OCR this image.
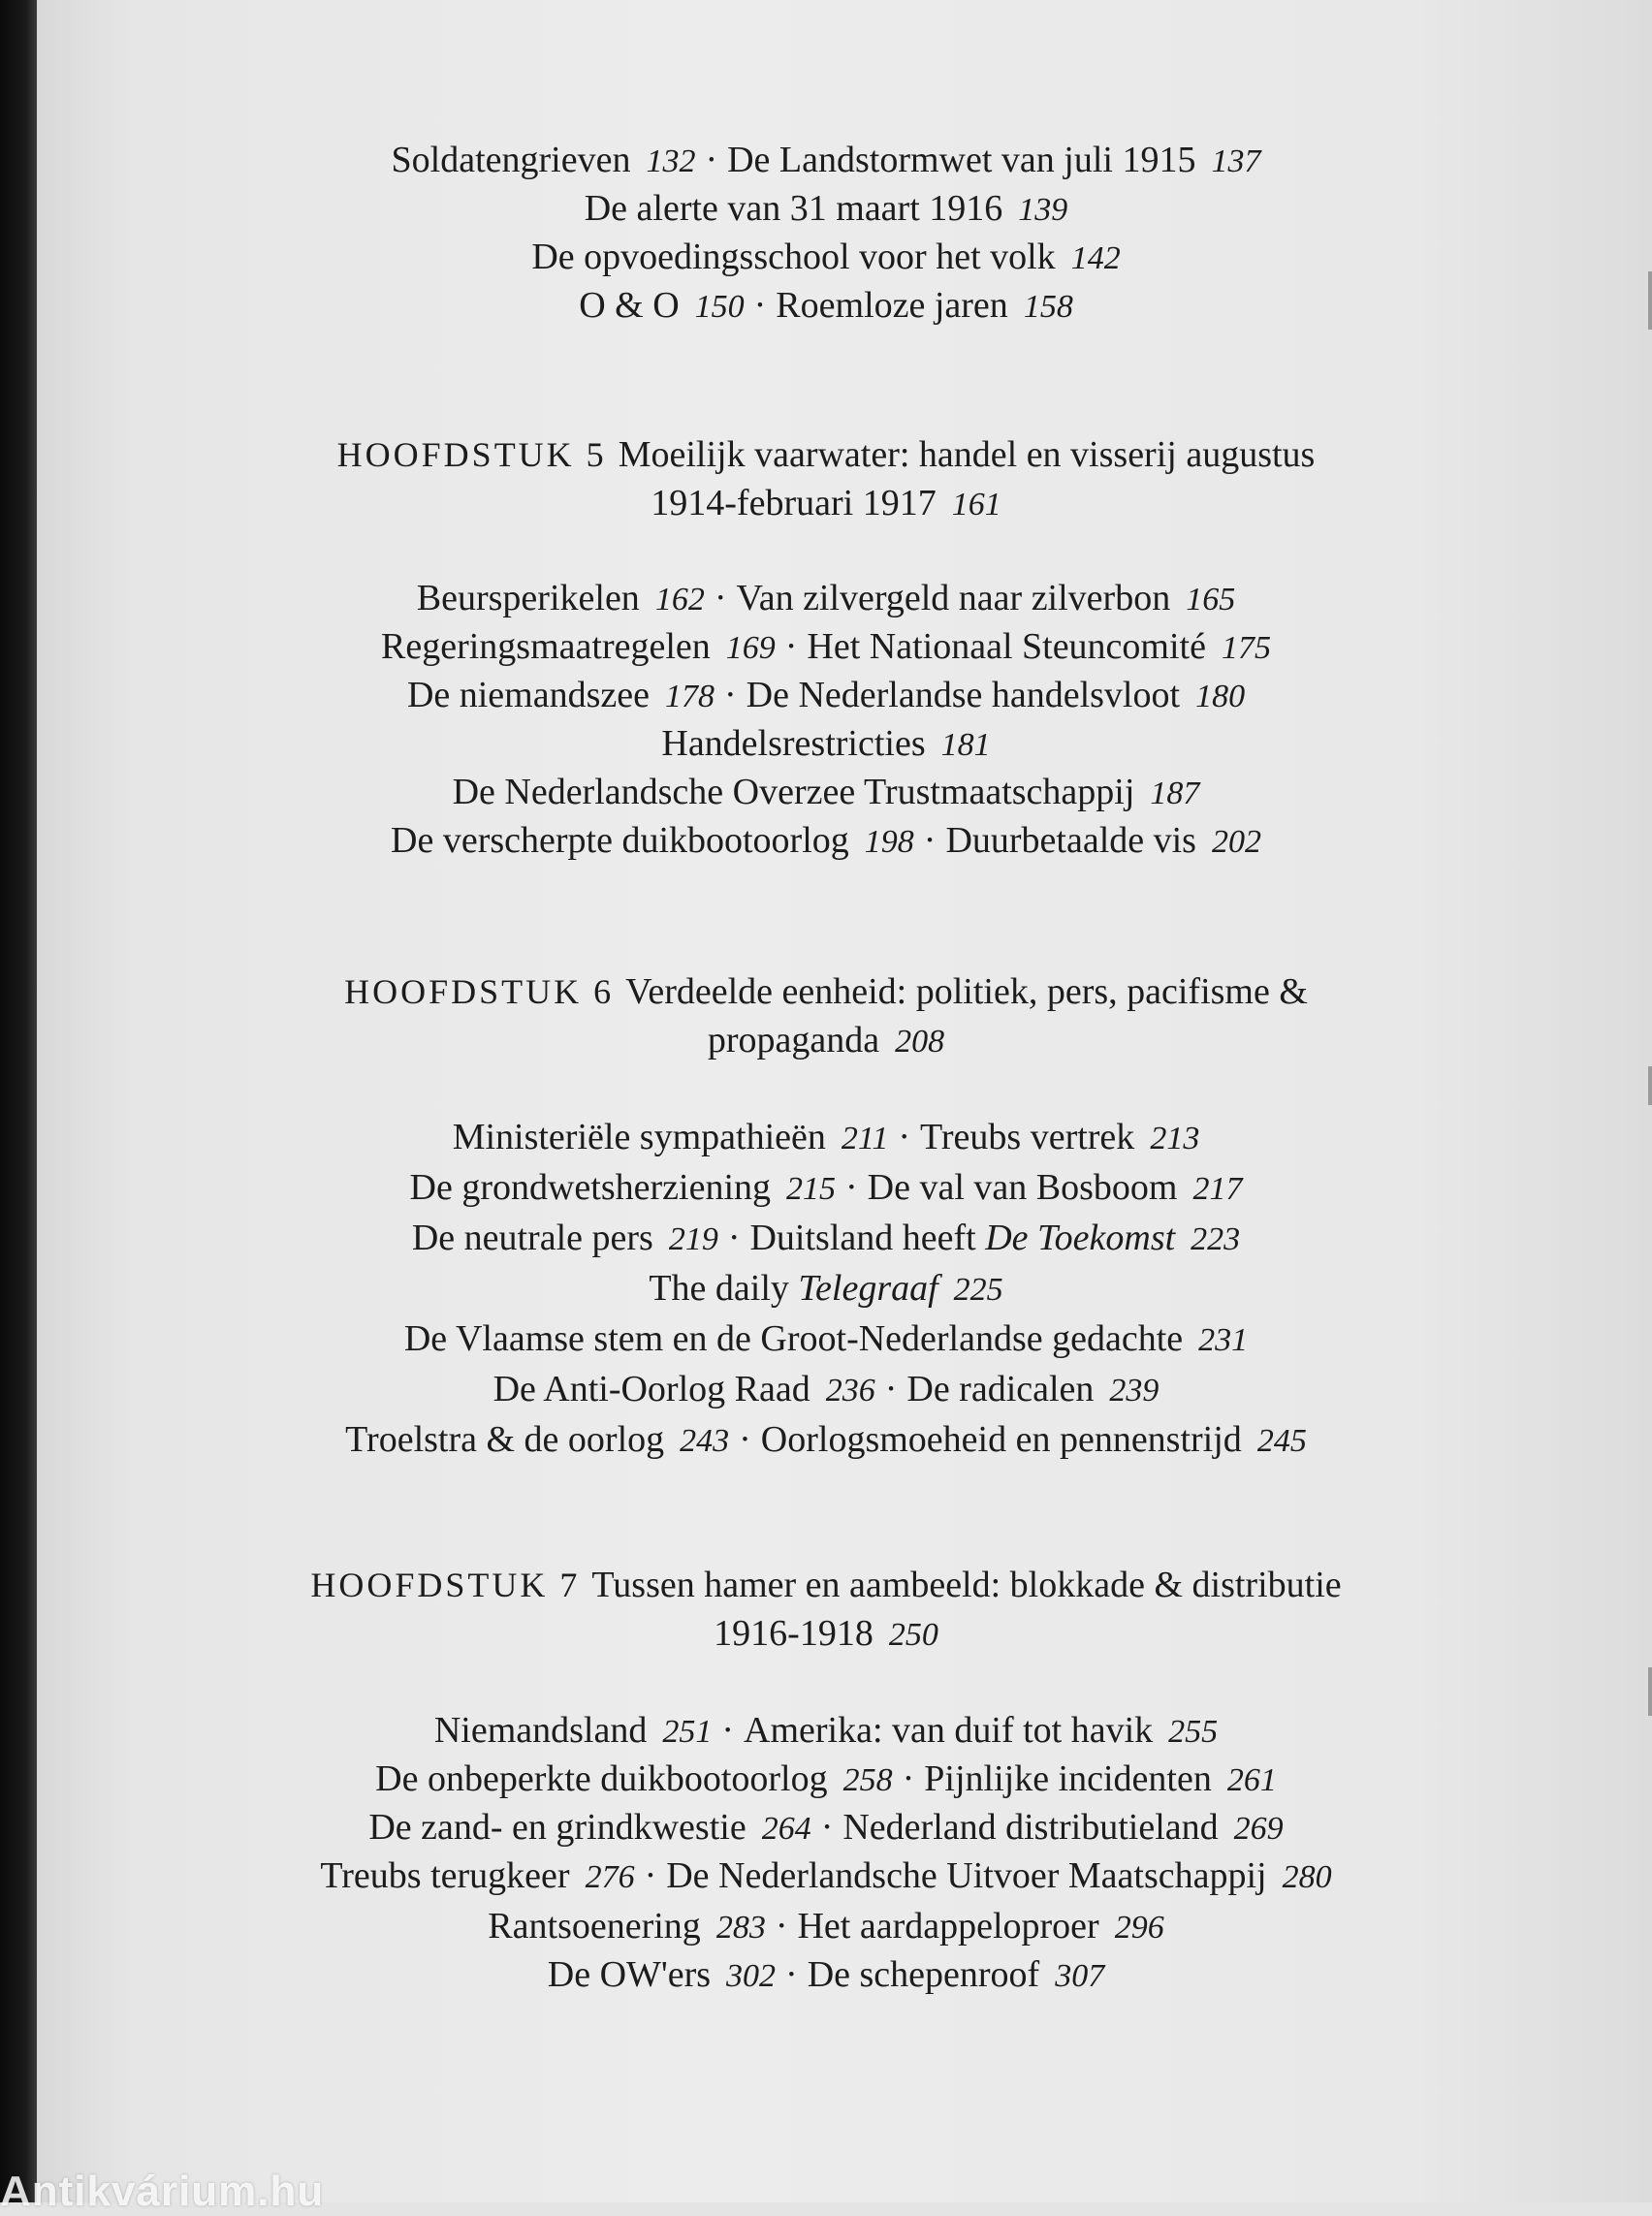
Soldatengrieven 132 · De Landstormwet van juli 1915 137
De alerte van 31 maart 1916 139
De opvoedingsschool voor het volk 142
O & O 150 · Roemloze jaren 158
HOOFDSTUK 5 Moeilijk vaarwater: handel en visserij augustus
1914-februari 1917 161
Beursperikelen 162 · Van zilvergeld naar zilverbon 165
Regeringsmaatregelen 169 · Het Nationaal Steuncomité 175
De niemandszee 178 · De Nederlandse handelsvloot 180
Handelsrestricties 181
De Nederlandsche Overzee Trustmaatschappij 187
De verscherpte duikbootoorlog 198 · Duurbetaalde vis 202
HOOFDSTUK 6 Verdeelde eenheid: politiek, pers, pacifisme &
propaganda 208
Ministeriële sympathieën 211 · Treubs vertrek 213
De grondwetsherziening 215 · De val van Bosboom 217
De neutrale pers 219 · Duitsland heeft De Toekomst 223
The daily Telegraaf 225
De Vlaamse stem en de Groot-Nederlandse gedachte 231
De Anti-Oorlog Raad 236 · De radicalen 239
Troelstra & de oorlog 243 · Oorlogsmoeheid en pennenstrijd 245
HOOFDSTUK 7 Tussen hamer en aambeeld: blokkade & distributie
1916-1918 250
Niemandsland 251 · Amerika: van duif tot havik 255
De onbeperkte duikbootoorlog 258 · Pijnlijke incidenten 261
De zand- en grindkwestie 264 · Nederland distributieland 269
Treubs terugkeer 276 · De Nederlandsche Uitvoer Maatschappij 280
Rantsoenering 283 · Het aardappeloproer 296
De OW'ers 302 · De schepenroof 307
Antikvárium.hu
